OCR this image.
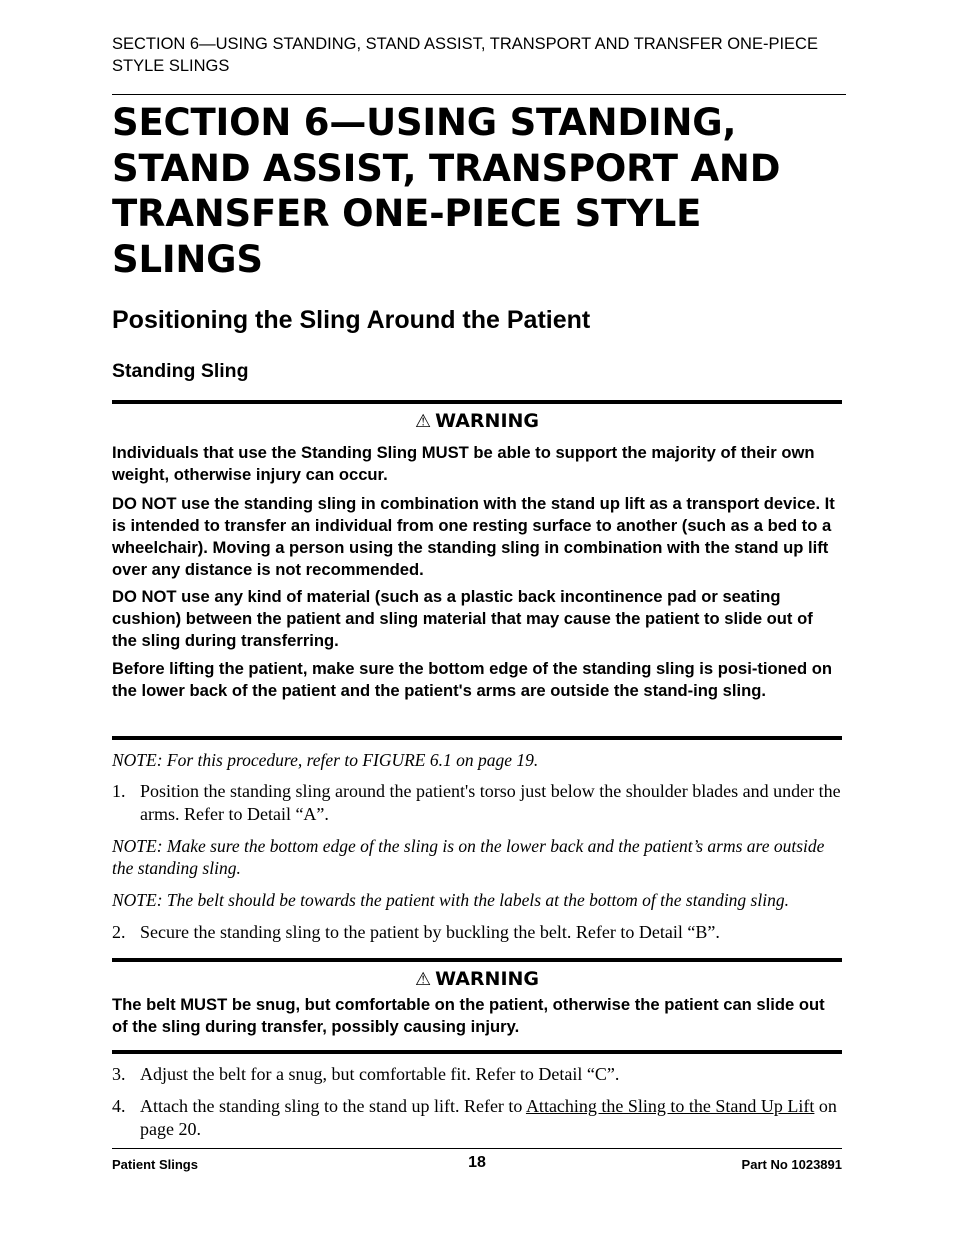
SECTION 6—USING STANDING, STAND ASSIST, TRANSPORT AND TRANSFER ONE-PIECE STYLE SLINGS
SECTION 6—USING STANDING, STAND ASSIST, TRANSPORT AND TRANSFER ONE-PIECE STYLE SLINGS
Positioning the Sling Around the Patient
Standing Sling
⚠ WARNING

Individuals that use the Standing Sling MUST be able to support the majority of their own weight, otherwise injury can occur.

DO NOT use the standing sling in combination with the stand up lift as a transport device. It is intended to transfer an individual from one resting surface to another (such as a bed to a wheelchair). Moving a person using the standing sling in combination with the stand up lift over any distance is not recommended.

DO NOT use any kind of material (such as a plastic back incontinence pad or seating cushion) between the patient and sling material that may cause the patient to slide out of the sling during transferring.

Before lifting the patient, make sure the bottom edge of the standing sling is posi-tioned on the lower back of the patient and the patient's arms are outside the stand-ing sling.

NOTE: For this procedure, refer to FIGURE 6.1 on page 19.

1. Position the standing sling around the patient's torso just below the shoulder blades and under the arms. Refer to Detail “A”.

NOTE: Make sure the bottom edge of the sling is on the lower back and the patient’s arms are outside the standing sling.

NOTE: The belt should be towards the patient with the labels at the bottom of the standing sling.

2. Secure the standing sling to the patient by buckling the belt. Refer to Detail “B”.
⚠ WARNING

The belt MUST be snug, but comfortable on the patient, otherwise the patient can slide out of the sling during transfer, possibly causing injury.

3. Adjust the belt for a snug, but comfortable fit. Refer to Detail “C”.
4. Attach the standing sling to the stand up lift. Refer to Attaching the Sling to the Stand Up Lift on page 20.
Patient Slings	18	Part No 1023891
